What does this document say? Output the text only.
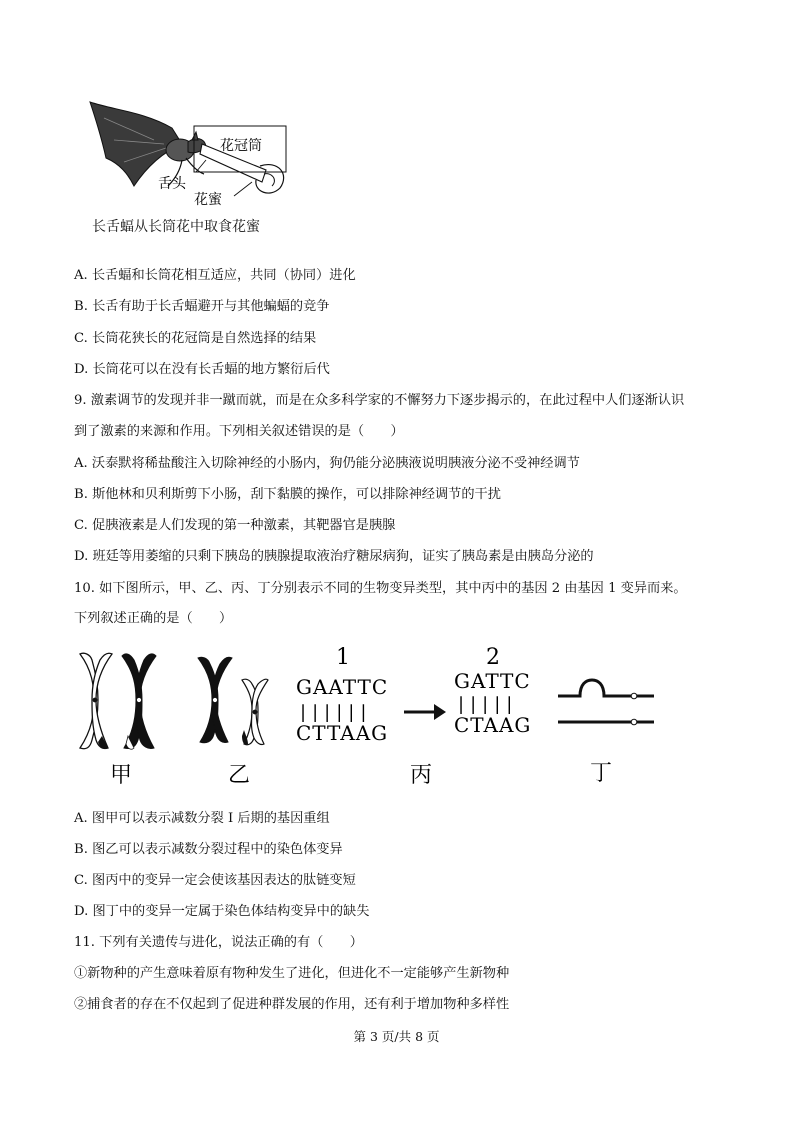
花冠筒
舌头
花蜜
长舌蝠从长筒花中取食花蜜
A. 长舌蝠和长筒花相互适应，共同（协同）进化
B. 长舌有助于长舌蝠避开与其他蝙蝠的竞争
C. 长筒花狭长的花冠筒是自然选择的结果
D. 长筒花可以在没有长舌蝠的地方繁衍后代
9. 激素调节的发现并非一蹴而就，而是在众多科学家的不懈努力下逐步揭示的，在此过程中人们逐渐认识
到了激素的来源和作用。下列相关叙述错误的是（　　）
A. 沃泰默将稀盐酸注入切除神经的小肠内，狗仍能分泌胰液说明胰液分泌不受神经调节
B. 斯他林和贝利斯剪下小肠，刮下黏膜的操作，可以排除神经调节的干扰
C. 促胰液素是人们发现的第一种激素，其靶器官是胰腺
D. 班廷等用萎缩的只剩下胰岛的胰腺提取液治疗糖尿病狗，证实了胰岛素是由胰岛分泌的
10. 如下图所示，甲、乙、丙、丁分别表示不同的生物变异类型，其中丙中的基因 2 由基因 1 变异而来。
下列叙述正确的是（　　）
甲	乙
1
GAATTC
||||||
CTTAAG
2
GATTC
|||||
CTAAG
丙	丁
A. 图甲可以表示减数分裂 I 后期的基因重组
B. 图乙可以表示减数分裂过程中的染色体变异
C. 图丙中的变异一定会使该基因表达的肽链变短
D. 图丁中的变异一定属于染色体结构变异中的缺失
11. 下列有关遗传与进化，说法正确的有（　　）
①新物种的产生意味着原有物种发生了进化，但进化不一定能够产生新物种
②捕食者的存在不仅起到了促进种群发展的作用，还有利于增加物种多样性
第 3 页/共 8 页
